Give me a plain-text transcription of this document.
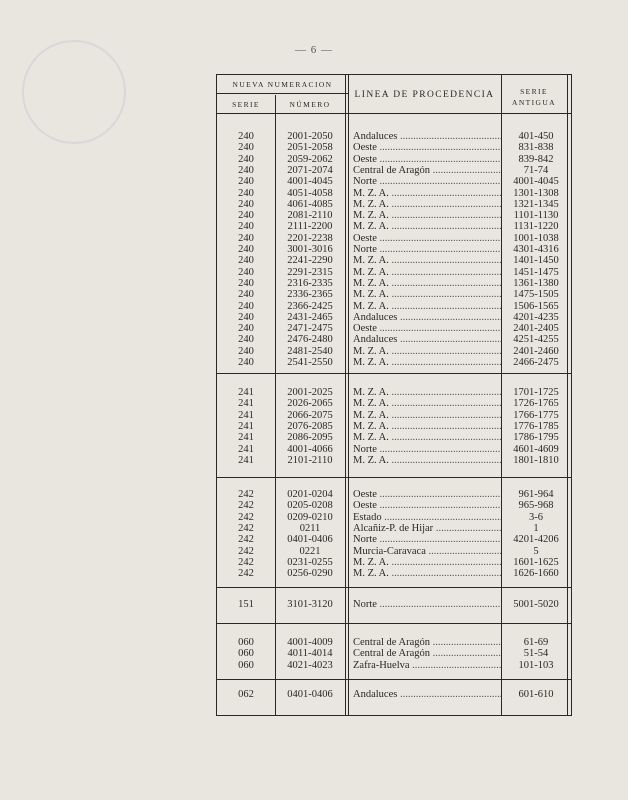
— 6 —
NUEVA NUMERACION
SERIE	NÚMERO
LINEA DE PROCEDENCIA	SERIE
ANTIGUA
240	2001-2050	Andaluces .....	401-450
240	2051-2058	Oeste .....	831-838
240	2059-2062	Oeste .....	839-842
240	2071-2074	Central de Aragón .....	71-74
240	4001-4045	Norte .....	4001-4045
240	4051-4058	M. Z. A. .....	1301-1308
240	4061-4085	M. Z. A. .....	1321-1345
240	2081-2110	M. Z. A. .....	1101-1130
240	2111-2200	M. Z. A. .....	1131-1220
240	2201-2238	Oeste .....	1001-1038
240	3001-3016	Norte .....	4301-4316
240	2241-2290	M. Z. A. .....	1401-1450
240	2291-2315	M. Z. A. .....	1451-1475
240	2316-2335	M. Z. A. .....	1361-1380
240	2336-2365	M. Z. A. .....	1475-1505
240	2366-2425	M. Z. A. .....	1506-1565
240	2431-2465	Andaluces .....	4201-4235
240	2471-2475	Oeste .....	2401-2405
240	2476-2480	Andaluces .....	4251-4255
240	2481-2540	M. Z. A. .....	2401-2460
240	2541-2550	M. Z. A. .....	2466-2475
241	2001-2025	M. Z. A. .....	1701-1725
241	2026-2065	M. Z. A. .....	1726-1765
241	2066-2075	M. Z. A. .....	1766-1775
241	2076-2085	M. Z. A. .....	1776-1785
241	2086-2095	M. Z. A. .....	1786-1795
241	4001-4066	Norte .....	4601-4609
241	2101-2110	M. Z. A. .....	1801-1810
242	0201-0204	Oeste .....	961-964
242	0205-0208	Oeste .....	965-968
242	0209-0210	Estado .....	3-6
242	0211	Alcañiz-P. de Hijar .....	1
242	0401-0406	Norte .....	4201-4206
242	0221	Murcia-Caravaca .....	5
242	0231-0255	M. Z. A. .....	1601-1625
242	0256-0290	M. Z. A. .....	1626-1660
151	3101-3120	Norte .....	5001-5020
060	4001-4009	Central de Aragón .....	61-69
060	4011-4014	Central de Aragón .....	51-54
060	4021-4023	Zafra-Huelva .....	101-103
062	0401-0406	Andaluces .....	601-610
